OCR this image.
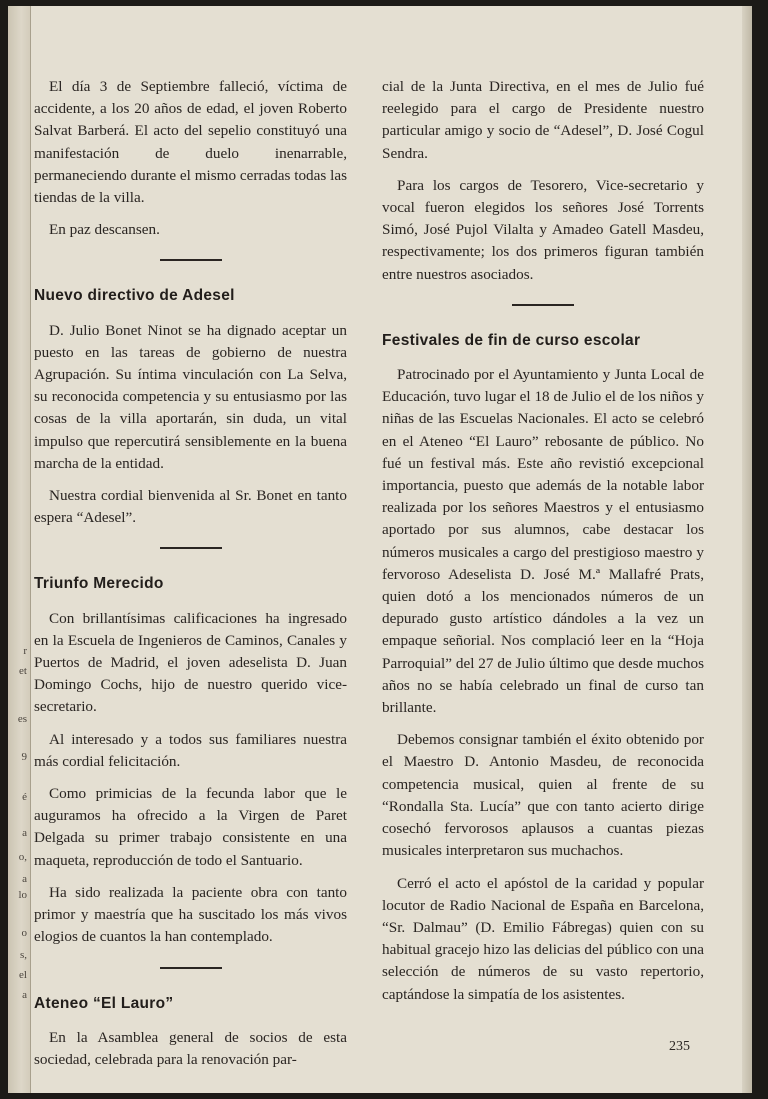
r
et
es
9
é
a
o,
a
lo
o
s,
el
a

El día 3 de Septiembre falleció, víctima de accidente, a los 20 años de edad, el joven Roberto Salvat Barberá. El acto del sepelio constituyó una manifestación de duelo inenarrable, permaneciendo durante el mismo cerradas todas las tiendas de la villa.

En paz descansen.

Nuevo directivo de Adesel

D. Julio Bonet Ninot se ha dignado aceptar un puesto en las tareas de gobierno de nuestra Agrupación. Su íntima vinculación con La Selva, su reconocida competencia y su entusiasmo por las cosas de la villa aportarán, sin duda, un vital impulso que repercutirá sensiblemente en la buena marcha de la entidad.

Nuestra cordial bienvenida al Sr. Bonet en tanto espera “Adesel”.

Triunfo Merecido

Con brillantísimas calificaciones ha ingresado en la Escuela de Ingenieros de Caminos, Canales y Puertos de Madrid, el joven adeselista D. Juan Domingo Cochs, hijo de nuestro querido vice-secretario.

Al interesado y a todos sus familiares nuestra más cordial felicitación.

Como primicias de la fecunda labor que le auguramos ha ofrecido a la Virgen de Paret Delgada su primer trabajo consistente en una maqueta, reproducción de todo el Santuario.

Ha sido realizada la paciente obra con tanto primor y maestría que ha suscitado los más vivos elogios de cuantos la han contemplado.

Ateneo “El Lauro”

En la Asamblea general de socios de esta sociedad, celebrada para la renovación par-

cial de la Junta Directiva, en el mes de Julio fué reelegido para el cargo de Presidente nuestro particular amigo y socio de “Adesel”, D. José Cogul Sendra.

Para los cargos de Tesorero, Vice-secretario y vocal fueron elegidos los señores José Torrents Simó, José Pujol Vilalta y Amadeo Gatell Masdeu, respectivamente; los dos primeros figuran también entre nuestros asociados.

Festivales de fin de curso escolar

Patrocinado por el Ayuntamiento y Junta Local de Educación, tuvo lugar el 18 de Julio el de los niños y niñas de las Escuelas Nacionales. El acto se celebró en el Ateneo “El Lauro” rebosante de público. No fué un festival más. Este año revistió excepcional importancia, puesto que además de la notable labor realizada por los señores Maestros y el entusiasmo aportado por sus alumnos, cabe destacar los números musicales a cargo del prestigioso maestro y fervoroso Adeselista D. José M.ª Mallafré Prats, quien dotó a los mencionados números de un depurado gusto artístico dándoles a la vez un empaque señorial. Nos complació leer en la “Hoja Parroquial” del 27 de Julio último que desde muchos años no se había celebrado un final de curso tan brillante.

Debemos consignar también el éxito obtenido por el Maestro D. Antonio Masdeu, de reconocida competencia musical, quien al frente de su “Rondalla Sta. Lucía” que con tanto acierto dirige cosechó fervorosos aplausos a cuantas piezas musicales interpretaron sus muchachos.

Cerró el acto el apóstol de la caridad y popular locutor de Radio Nacional de España en Barcelona, “Sr. Dalmau” (D. Emilio Fábregas) quien con su habitual gracejo hizo las delicias del público con una selección de números de su vasto repertorio, captándose la simpatía de los asistentes.

235
